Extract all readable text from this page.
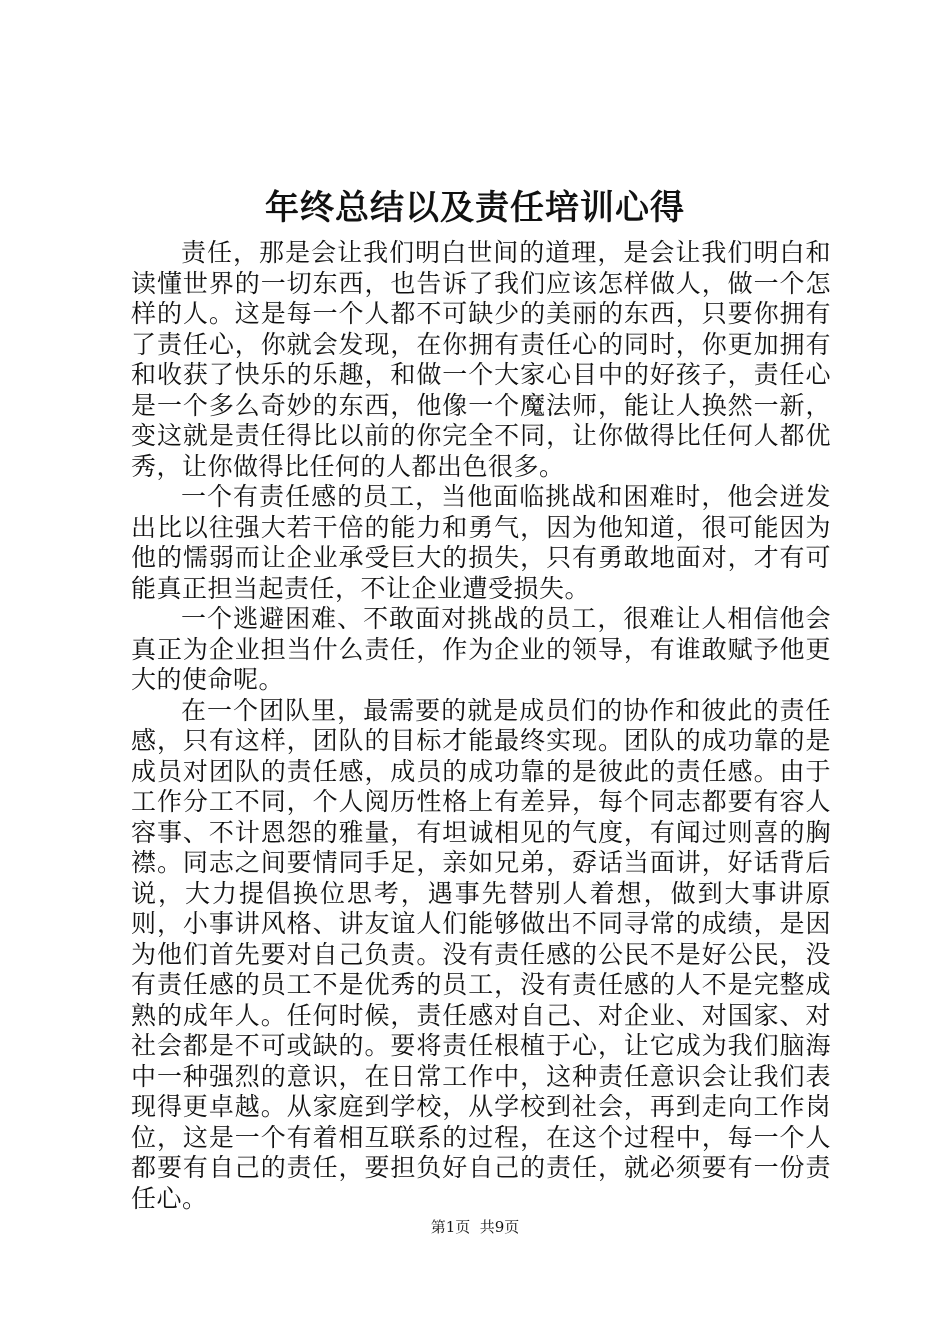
年终总结以及责任培训心得

责任，那是会让我们明白世间的道理，是会让我们明白和读懂世界的一切东西，也告诉了我们应该怎样做人，做一个怎样的人。这是每一个人都不可缺少的美丽的东西，只要你拥有了责任心，你就会发现，在你拥有责任心的同时，你更加拥有和收获了快乐的乐趣，和做一个大家心目中的好孩子，责任心是一个多么奇妙的东西，他像一个魔法师，能让人换然一新，变这就是责任得比以前的你完全不同，让你做得比任何人都优秀，让你做得比任何的人都出色很多。

一个有责任感的员工，当他面临挑战和困难时，他会迸发出比以往强大若干倍的能力和勇气，因为他知道，很可能因为他的懦弱而让企业承受巨大的损失，只有勇敢地面对，才有可能真正担当起责任，不让企业遭受损失。

一个逃避困难、不敢面对挑战的员工，很难让人相信他会真正为企业担当什么责任，作为企业的领导，有谁敢赋予他更大的使命呢。

在一个团队里，最需要的就是成员们的协作和彼此的责任感，只有这样，团队的目标才能最终实现。团队的成功靠的是成员对团队的责任感，成员的成功靠的是彼此的责任感。由于工作分工不同，个人阅历性格上有差异，每个同志都要有容人容事、不计恩怨的雅量，有坦诚相见的气度，有闻过则喜的胸襟。同志之间要情同手足，亲如兄弟，孬话当面讲，好话背后说，大力提倡换位思考，遇事先替别人着想，做到大事讲原则，小事讲风格、讲友谊人们能够做出不同寻常的成绩，是因为他们首先要对自己负责。没有责任感的公民不是好公民，没有责任感的员工不是优秀的员工，没有责任感的人不是完整成熟的成年人。任何时候，责任感对自己、对企业、对国家、对社会都是不可或缺的。要将责任根植于心，让它成为我们脑海中一种强烈的意识，在日常工作中，这种责任意识会让我们表现得更卓越。从家庭到学校，从学校到社会，再到走向工作岗位，这是一个有着相互联系的过程，在这个过程中，每一个人都要有自己的责任，要担负好自己的责任，就必须要有一份责任心。

第1页  共9页
